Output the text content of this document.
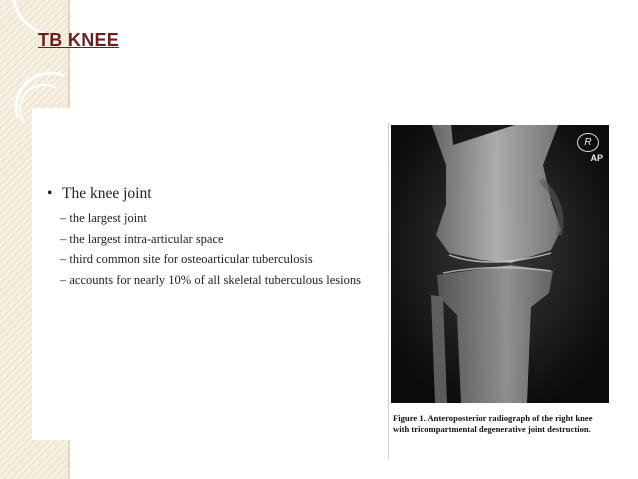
TB KNEE
• The knee joint
– the largest joint
– the largest intra-articular space
– third common site for osteoarticular tuberculosis
– accounts for nearly 10% of all skeletal tuberculous lesions
R
AP
Figure 1. Anteroposterior radiograph of the right knee with tricompartmental degenerative joint destruction.
